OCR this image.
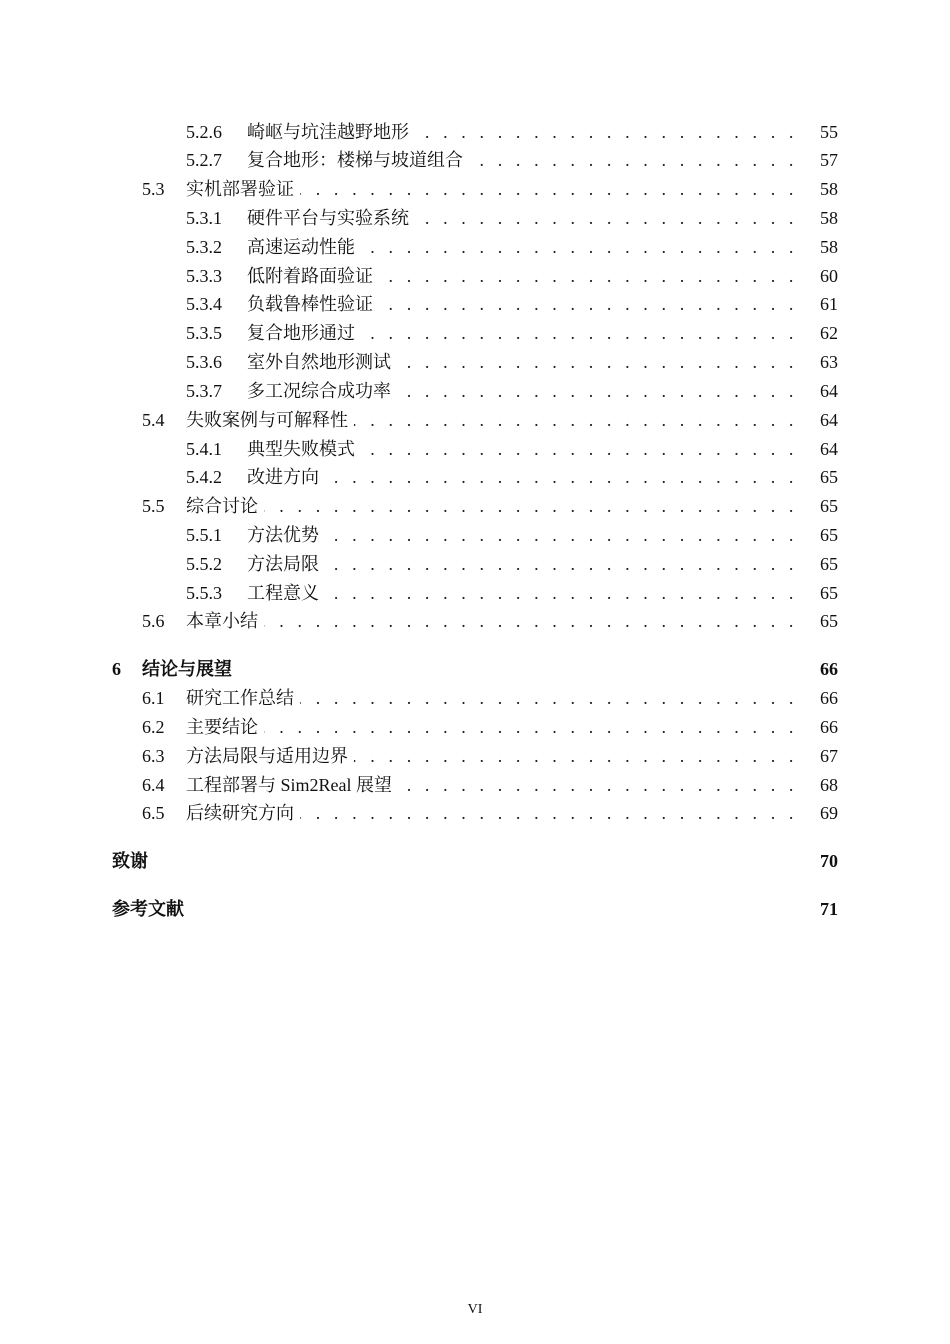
5.2.6 崎岖与坑洼越野地形 . . .	55
5.2.7 复合地形：楼梯与坡道组合 . . .	57
5.3 实机部署验证 . . .	58
5.3.1 硬件平台与实验系统 . . .	58
5.3.2 高速运动性能 . . .	58
5.3.3 低附着路面验证 . . .	60
5.3.4 负载鲁棒性验证 . . .	61
5.3.5 复合地形通过 . . .	62
5.3.6 室外自然地形测试 . . .	63
5.3.7 多工况综合成功率 . . .	64
5.4 失败案例与可解释性 . . .	64
5.4.1 典型失败模式 . . .	64
5.4.2 改进方向 . . .	65
5.5 综合讨论 . . .	65
5.5.1 方法优势 . . .	65
5.5.2 方法局限 . . .	65
5.5.3 工程意义 . . .	65
5.6 本章小结 . . .	65
6 结论与展望	66
6.1 研究工作总结 . . .	66
6.2 主要结论 . . .	66
6.3 方法局限与适用边界 . . .	67
6.4 工程部署与 Sim2Real 展望 . . .	68
6.5 后续研究方向 . . .	69
致谢	70
参考文献	71
VI
